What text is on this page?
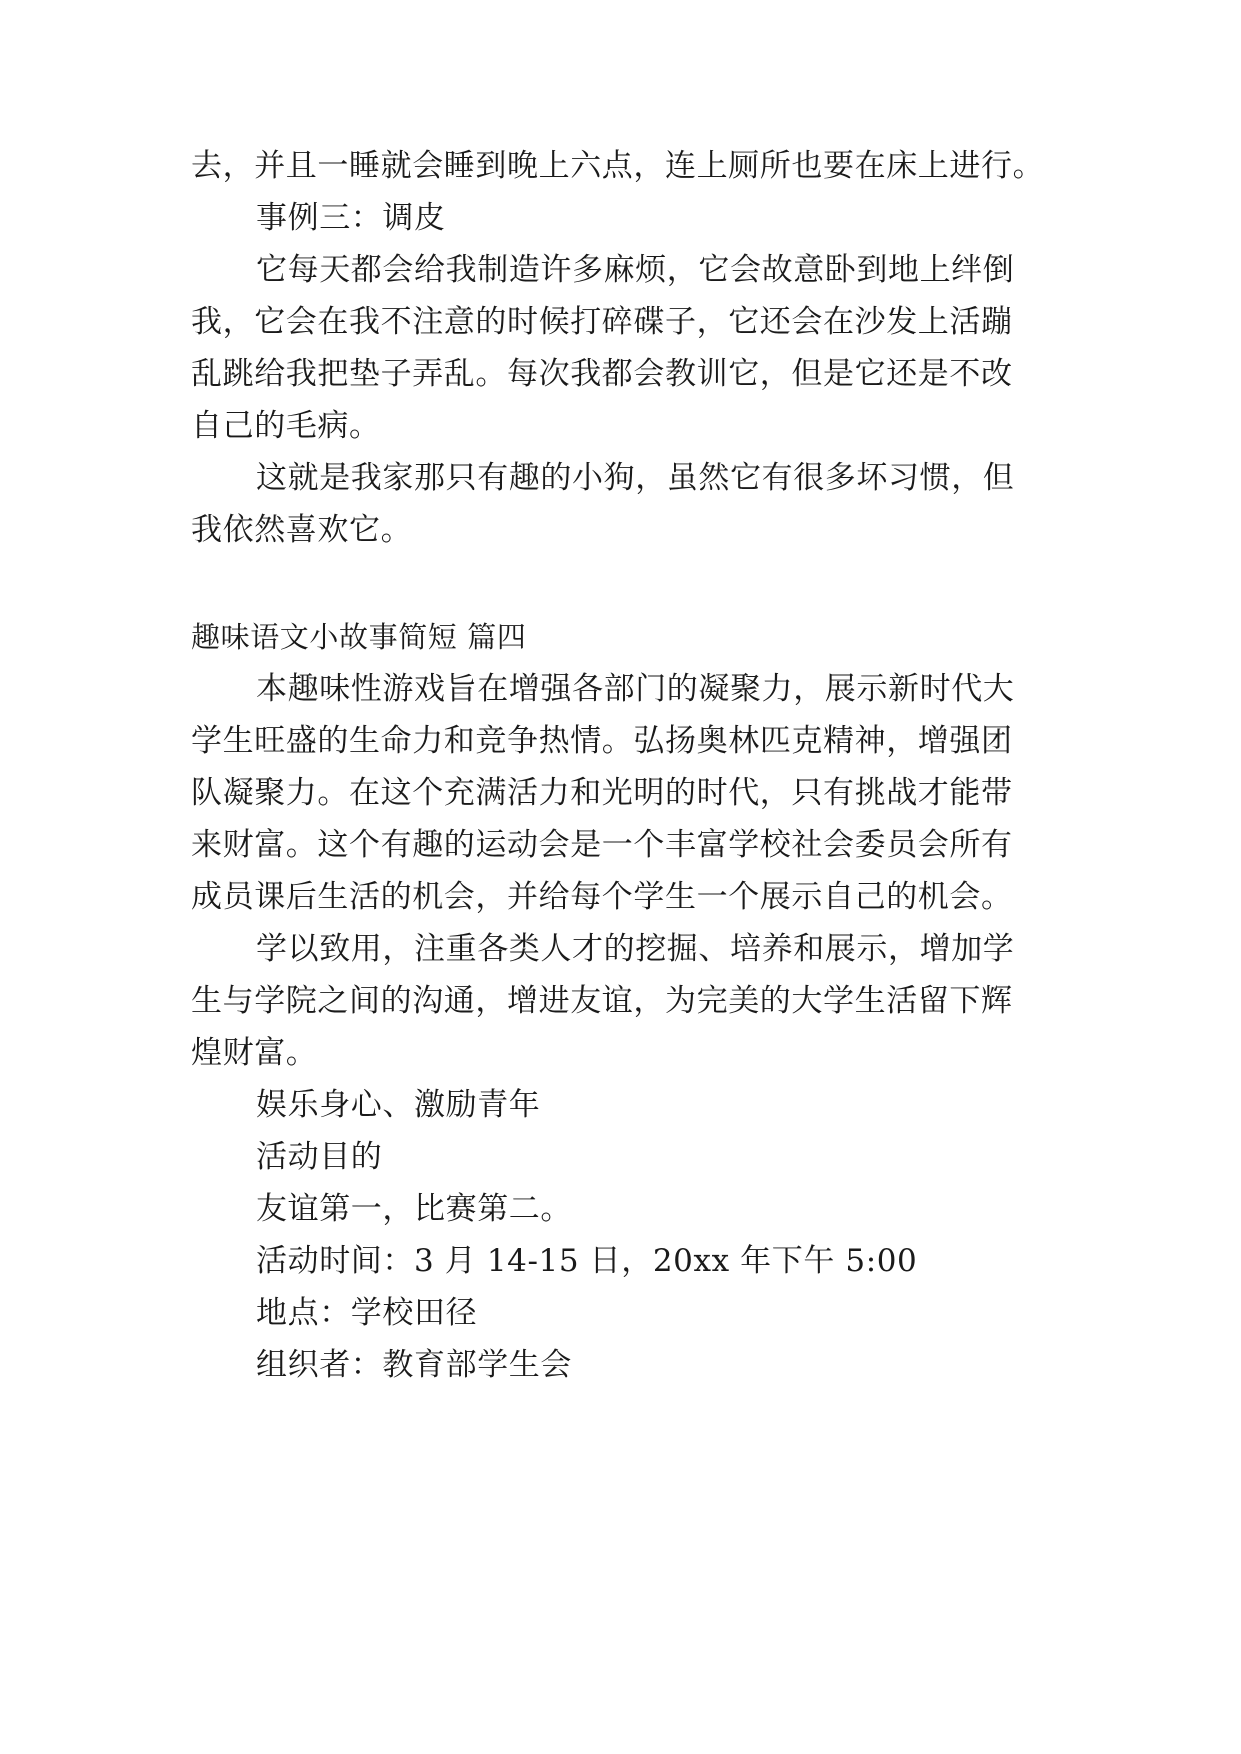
去，并且一睡就会睡到晚上六点，连上厕所也要在床上进行。

事例三：调皮

它每天都会给我制造许多麻烦，它会故意卧到地上绊倒

我，它会在我不注意的时候打碎碟子，它还会在沙发上活蹦

乱跳给我把垫子弄乱。每次我都会教训它，但是它还是不改

自己的毛病。

这就是我家那只有趣的小狗，虽然它有很多坏习惯，但

我依然喜欢它。

趣味语文小故事简短 篇四

本趣味性游戏旨在增强各部门的凝聚力，展示新时代大

学生旺盛的生命力和竞争热情。弘扬奥林匹克精神，增强团

队凝聚力。在这个充满活力和光明的时代，只有挑战才能带

来财富。这个有趣的运动会是一个丰富学校社会委员会所有

成员课后生活的机会，并给每个学生一个展示自己的机会。

学以致用，注重各类人才的挖掘、培养和展示，增加学

生与学院之间的沟通，增进友谊，为完美的大学生活留下辉

煌财富。

娱乐身心、激励青年

活动目的

友谊第一，比赛第二。

活动时间：3 月 14-15 日，20xx 年下午 5:00

地点：学校田径

组织者：教育部学生会
